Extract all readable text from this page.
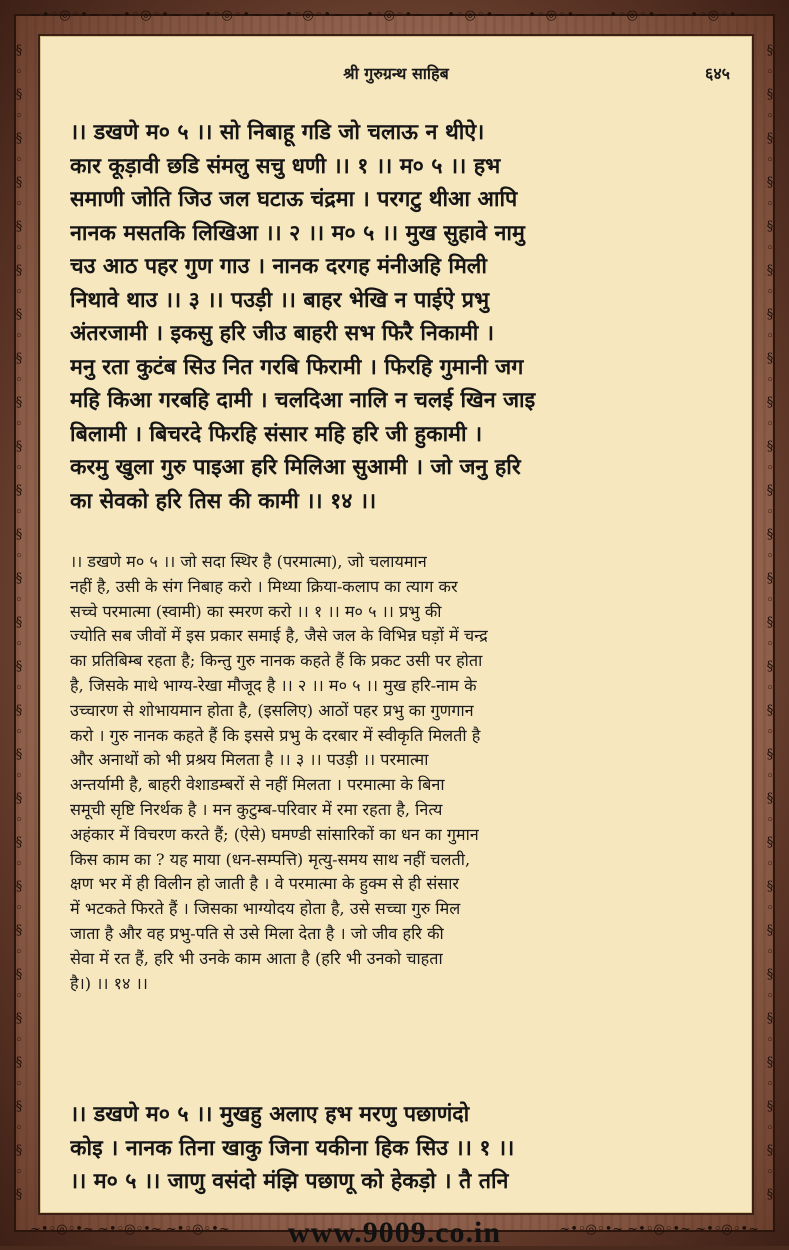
~•◦◎◦•~  ~•◦◎◦•~  ~•◦◎◦•~  ~•◦◎◦•~  ~•◦◎◦•~  ~•◦◎◦•~  ~•◦◎◦•~  ~•◦◎◦•~  ~•◦◎◦•~  ~•◦◎◦•~
§
◦
§
◦
§
◦
§
◦
§
◦
§
◦
§
◦
§
◦
§
◦
§
◦
§
◦
§
◦
§
◦
§
◦
§
◦
§
◦
§
◦
§
◦
§
◦
§
◦
§
◦
§
◦
§
◦
§
◦
§
◦
§
◦
§

§
◦
§
◦
§
◦
§
◦
§
◦
§
◦
§
◦
§
◦
§
◦
§
◦
§
◦
§
◦
§
◦
§
◦
§
◦
§
◦
§
◦
§
◦
§
◦
§
◦
§
◦
§
◦
§
◦
§
◦
§
◦
§
◦
§

श्री गुरुग्रन्थ साहिब	६४५
।। डखणे म० ५ ।। सो निबाहू गडि जो चलाऊ न थीऐ।
कार कूड़ावी छडि संमलु सचु धणी ।। १ ।। म० ५ ।। हभ
समाणी जोति जिउ जल घटाऊ चंद्रमा । परगटु थीआ आपि
नानक मसतकि लिखिआ ।। २ ।। म० ५ ।। मुख सुहावे नामु
चउ आठ पहर गुण गाउ । नानक दरगह मंनीअहि मिली
निथावे थाउ ।। ३ ।। पउड़ी ।। बाहर भेखि न पाईऐ प्रभु
अंतरजामी । इकसु हरि जीउ बाहरी सभ फिरै निकामी ।
मनु रता कुटंब सिउ नित गरबि फिरामी । फिरहि गुमानी जग
महि किआ गरबहि दामी । चलदिआ नालि न चलई खिन जाइ
बिलामी । बिचरदे फिरहि संसार महि हरि जी हुकामी ।
करमु खुला गुरु पाइआ हरि मिलिआ सुआमी । जो जनु हरि
का सेवको हरि तिस की कामी ।। १४ ।।
।। डखणे म० ५ ।। जो सदा स्थिर है (परमात्मा), जो चलायमान
नहीं है, उसी के संग निबाह करो । मिथ्या क्रिया-कलाप का त्याग कर
सच्चे परमात्मा (स्वामी) का स्मरण करो ।। १ ।। म० ५ ।। प्रभु की
ज्योति सब जीवों में इस प्रकार समाई है, जैसे जल के विभिन्न घड़ों में चन्द्र
का प्रतिबिम्ब रहता है; किन्तु गुरु नानक कहते हैं कि प्रकट उसी पर होता
है, जिसके माथे भाग्य-रेखा मौजूद है ।। २ ।। म० ५ ।। मुख हरि-नाम के
उच्चारण से शोभायमान होता है, (इसलिए) आठों पहर प्रभु का गुणगान
करो । गुरु नानक कहते हैं कि इससे प्रभु के दरबार में स्वीकृति मिलती है
और अनाथों को भी प्रश्रय मिलता है ।। ३ ।। पउड़ी ।। परमात्मा
अन्तर्यामी है, बाहरी वेशाडम्बरों से नहीं मिलता । परमात्मा के बिना
समूची सृष्टि निरर्थक है । मन कुटुम्ब-परिवार में रमा रहता है, नित्य
अहंकार में विचरण करते हैं; (ऐसे) घमण्डी सांसारिकों का धन का गुमान
किस काम का ? यह माया (धन-सम्पत्ति) मृत्यु-समय साथ नहीं चलती,
क्षण भर में ही विलीन हो जाती है । वे परमात्मा के हुक्म से ही संसार
में भटकते फिरते हैं । जिसका भाग्योदय होता है, उसे सच्चा गुरु मिल
जाता है और वह प्रभु-पति से उसे मिला देता है । जो जीव हरि की
सेवा में रत हैं, हरि भी उनके काम आता है (हरि भी उनको चाहता
है।) ।। १४ ।।
।। डखणे म० ५ ।। मुखहु अलाए हभ मरणु पछाणंदो
कोइ । नानक तिना खाकु जिना यकीना हिक सिउ ।। १ ।।
।। म० ५ ।। जाणु वसंदो मंझि पछाणू को हेकड़ो । तै तनि
~•◦◎◦•~ ~•◦◎◦•~ ~•◦◎◦•~ www.9009.co.in	~•◦◎◦•~ ~•◦◎◦•~ ~•◦◎◦•~
